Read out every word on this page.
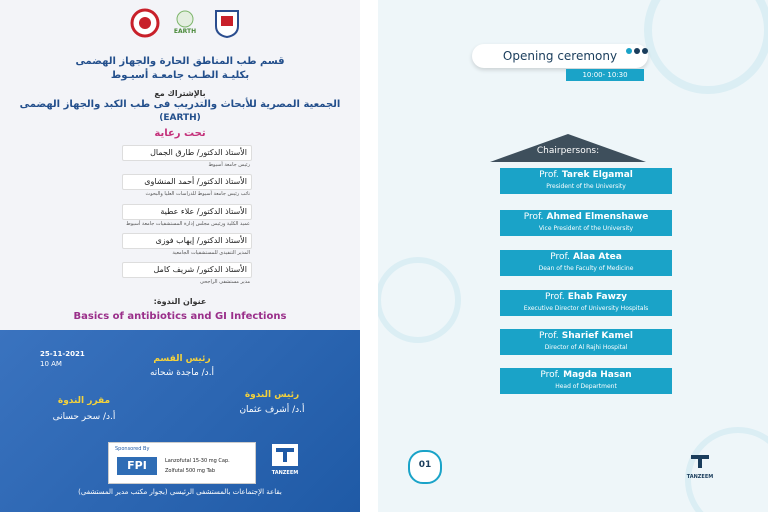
EARTH
قسم طب المناطق الحارة والجهاز الهضمى
بكليـة الطـب جامعـة أسيـوط
بالإشتراك مع
الجمعية المصرية للأبحاث والتدريب فى طب الكبد والجهاز الهضمى
(EARTH)
تحت رعاية
الأستاذ الدكتور/ طارق الجمال
رئيس جامعة أسيوط
الأستاذ الدكتور/ أحمد المنشاوى
نائب رئيس جامعة أسيوط للدراسات العليا والبحوث
الأستاذ الدكتور/ علاء عطية
عميد الكلية ورئيس مجلس إدارة المستشفيات جامعة أسيوط
الأستاذ الدكتور/ إيهاب فوزى
المدير التنفيذى للمستشفيات الجامعية
الأستاذ الدكتور/ شريف كامل
مدير مستشفى الراجحى
عنوان الندوة:
Basics of antibiotics and GI Infections
25-11-2021
10 AM	رئيس القسم
أ.د/ ماجدة شحاته
رئيس الندوة
أ.د/ أشرف عثمان
مقرر الندوة
أ.د/ سحر حسانى
Sponsored By
FPI	Lanzofutal 15-30 mg Cap.
Zolfutal 500 mg Tab	TANZEEM
بقاعة الإجتماعات بالمستشفى الرئيسى (بجوار مكتب مدير المستشفى)
Opening ceremony
10:00- 10:30
Chairpersons:
Prof. Tarek Elgamal
President of the University
Prof. Ahmed Elmenshawe
Vice President of the University
Prof. Alaa Atea
Dean of the Faculty of Medicine
Prof. Ehab Fawzy
Executive Director of University Hospitals
Prof. Sharief Kamel
Director of Al Rajhi Hospital
Prof. Magda Hasan
Head of Department
01
TANZEEM
